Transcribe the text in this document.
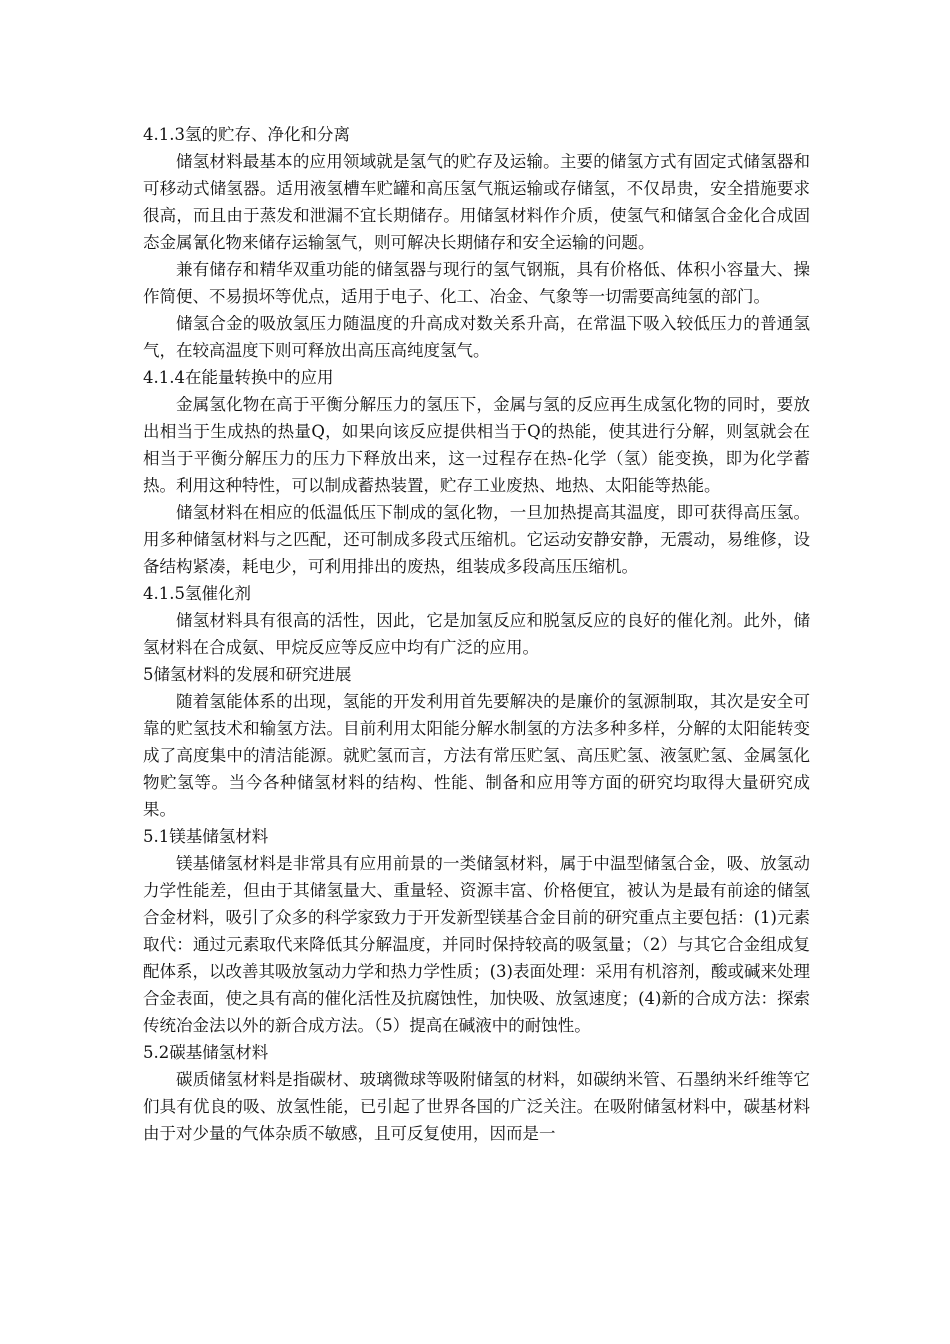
4.1.3氢的贮存、净化和分离

储氢材料最基本的应用领域就是氢气的贮存及运输。主要的储氢方式有固定式储氢器和可移动式储氢器。适用液氢槽车贮罐和高压氢气瓶运输或存储氢，不仅昂贵，安全措施要求很高，而且由于蒸发和泄漏不宜长期储存。用储氢材料作介质，使氢气和储氢合金化合成固态金属氰化物来储存运输氢气，则可解决长期储存和安全运输的问题。

兼有储存和精华双重功能的储氢器与现行的氢气钢瓶，具有价格低、体积小容量大、操作简便、不易损坏等优点，适用于电子、化工、冶金、气象等一切需要高纯氢的部门。

储氢合金的吸放氢压力随温度的升高成对数关系升高，在常温下吸入较低压力的普通氢气，在较高温度下则可释放出高压高纯度氢气。

4.1.4在能量转换中的应用

金属氢化物在高于平衡分解压力的氢压下，金属与氢的反应再生成氢化物的同时，要放出相当于生成热的热量Q，如果向该反应提供相当于Q的热能，使其进行分解，则氢就会在相当于平衡分解压力的压力下释放出来，这一过程存在热-化学（氢）能变换，即为化学蓄热。利用这种特性，可以制成蓄热装置，贮存工业废热、地热、太阳能等热能。

储氢材料在相应的低温低压下制成的氢化物，一旦加热提高其温度，即可获得高压氢。用多种储氢材料与之匹配，还可制成多段式压缩机。它运动安静安静，无震动，易维修，设备结构紧凑，耗电少，可利用排出的废热，组装成多段高压压缩机。

4.1.5氢催化剂

储氢材料具有很高的活性，因此，它是加氢反应和脱氢反应的良好的催化剂。此外，储氢材料在合成氨、甲烷反应等反应中均有广泛的应用。

5储氢材料的发展和研究进展

随着氢能体系的出现，氢能的开发利用首先要解决的是廉价的氢源制取，其次是安全可靠的贮氢技术和输氢方法。目前利用太阳能分解水制氢的方法多种多样，分解的太阳能转变成了高度集中的清洁能源。就贮氢而言，方法有常压贮氢、高压贮氢、液氢贮氢、金属氢化物贮氢等。当今各种储氢材料的结构、性能、制备和应用等方面的研究均取得大量研究成果。

5.1镁基储氢材料

镁基储氢材料是非常具有应用前景的一类储氢材料，属于中温型储氢合金，吸、放氢动力学性能差，但由于其储氢量大、重量轻、资源丰富、价格便宜，被认为是最有前途的储氢合金材料，吸引了众多的科学家致力于开发新型镁基合金目前的研究重点主要包括：(1)元素取代：通过元素取代来降低其分解温度，并同时保持较高的吸氢量；（2）与其它合金组成复配体系，以改善其吸放氢动力学和热力学性质；(3)表面处理：采用有机溶剂，酸或碱来处理合金表面，使之具有高的催化活性及抗腐蚀性，加快吸、放氢速度；(4)新的合成方法：探索传统冶金法以外的新合成方法。（5）提高在碱液中的耐蚀性。

5.2碳基储氢材料

碳质储氢材料是指碳材、玻璃微球等吸附储氢的材料，如碳纳米管、石墨纳米纤维等它们具有优良的吸、放氢性能，已引起了世界各国的广泛关注。在吸附储氢材料中，碳基材料由于对少量的气体杂质不敏感，且可反复使用，因而是一
